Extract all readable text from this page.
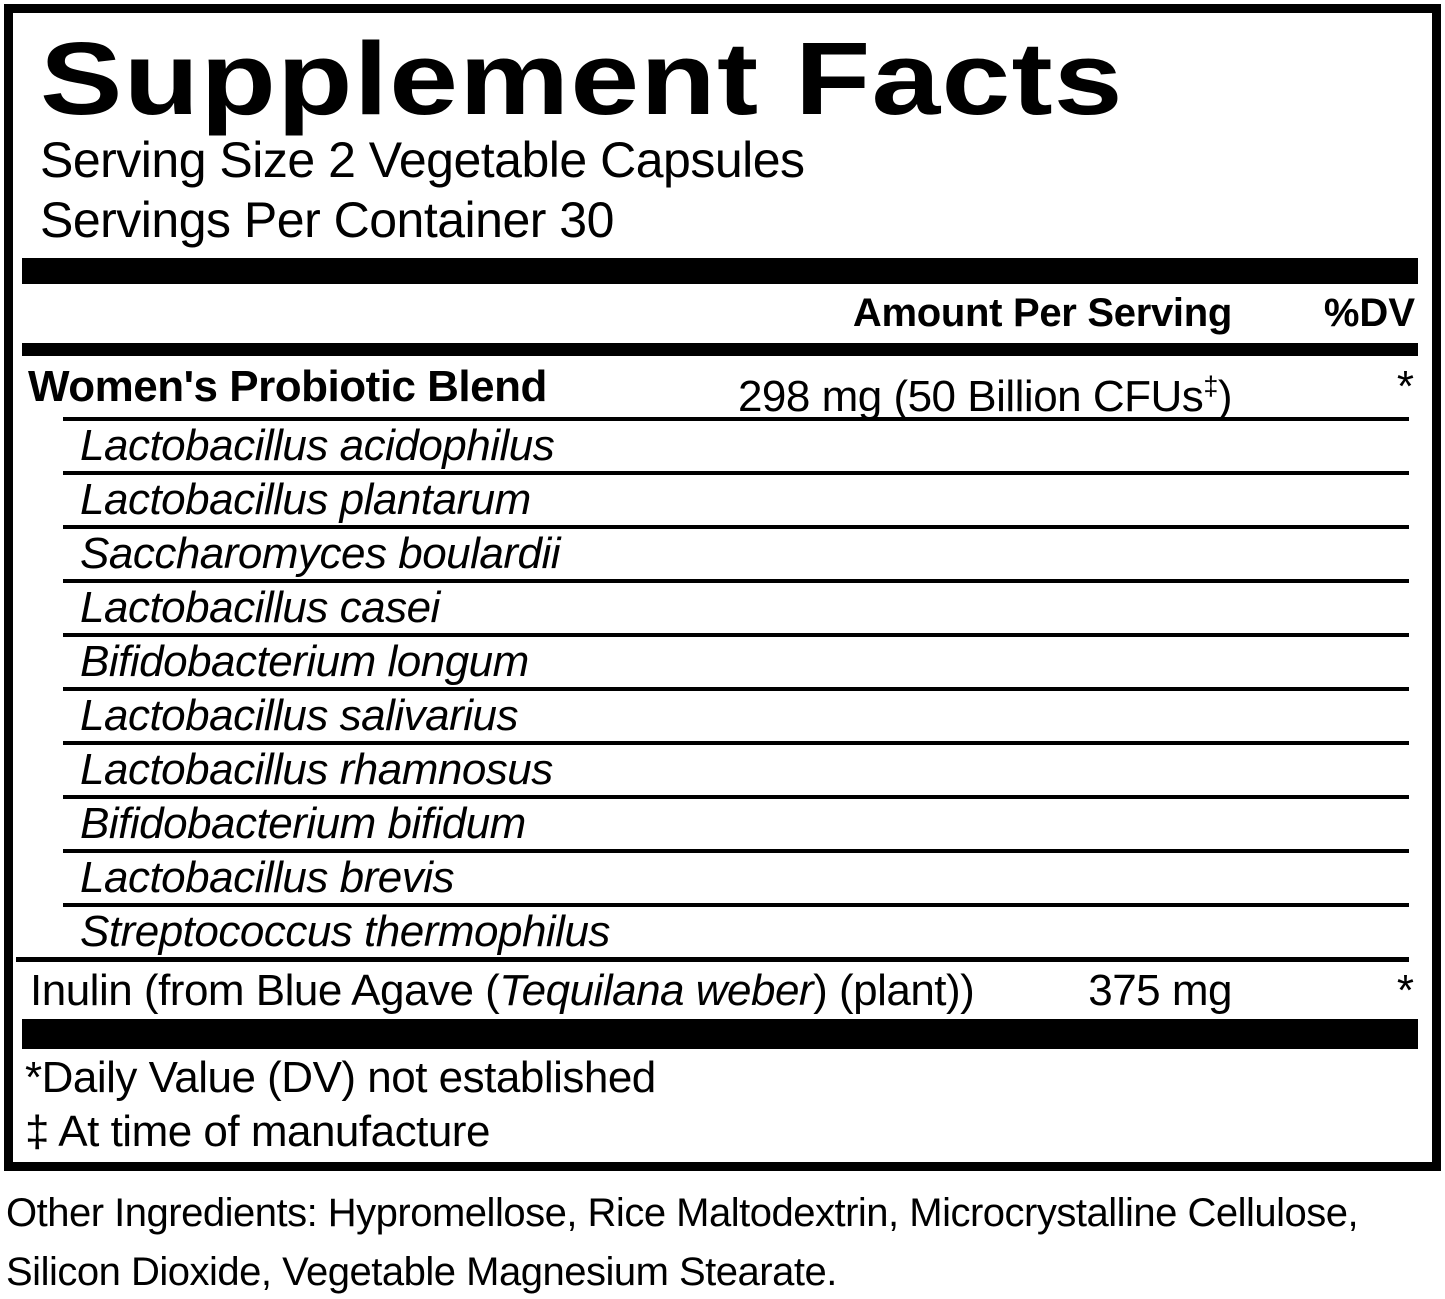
Supplement Facts
Serving Size 2 Vegetable Capsules
Servings Per Container 30
Amount Per Serving %DV
Women's Probiotic Blend	298 mg (50 Billion CFUs‡)	*
Lactobacillus acidophilus
Lactobacillus plantarum
Saccharomyces boulardii
Lactobacillus casei
Bifidobacterium longum
Lactobacillus salivarius
Lactobacillus rhamnosus
Bifidobacterium bifidum
Lactobacillus brevis
Streptococcus thermophilus
Inulin (from Blue Agave (Tequilana weber) (plant))	375 mg	*
*Daily Value (DV) not established
‡ At time of manufacture
Other Ingredients: Hypromellose, Rice Maltodextrin, Microcrystalline Cellulose, Silicon Dioxide, Vegetable Magnesium Stearate.
